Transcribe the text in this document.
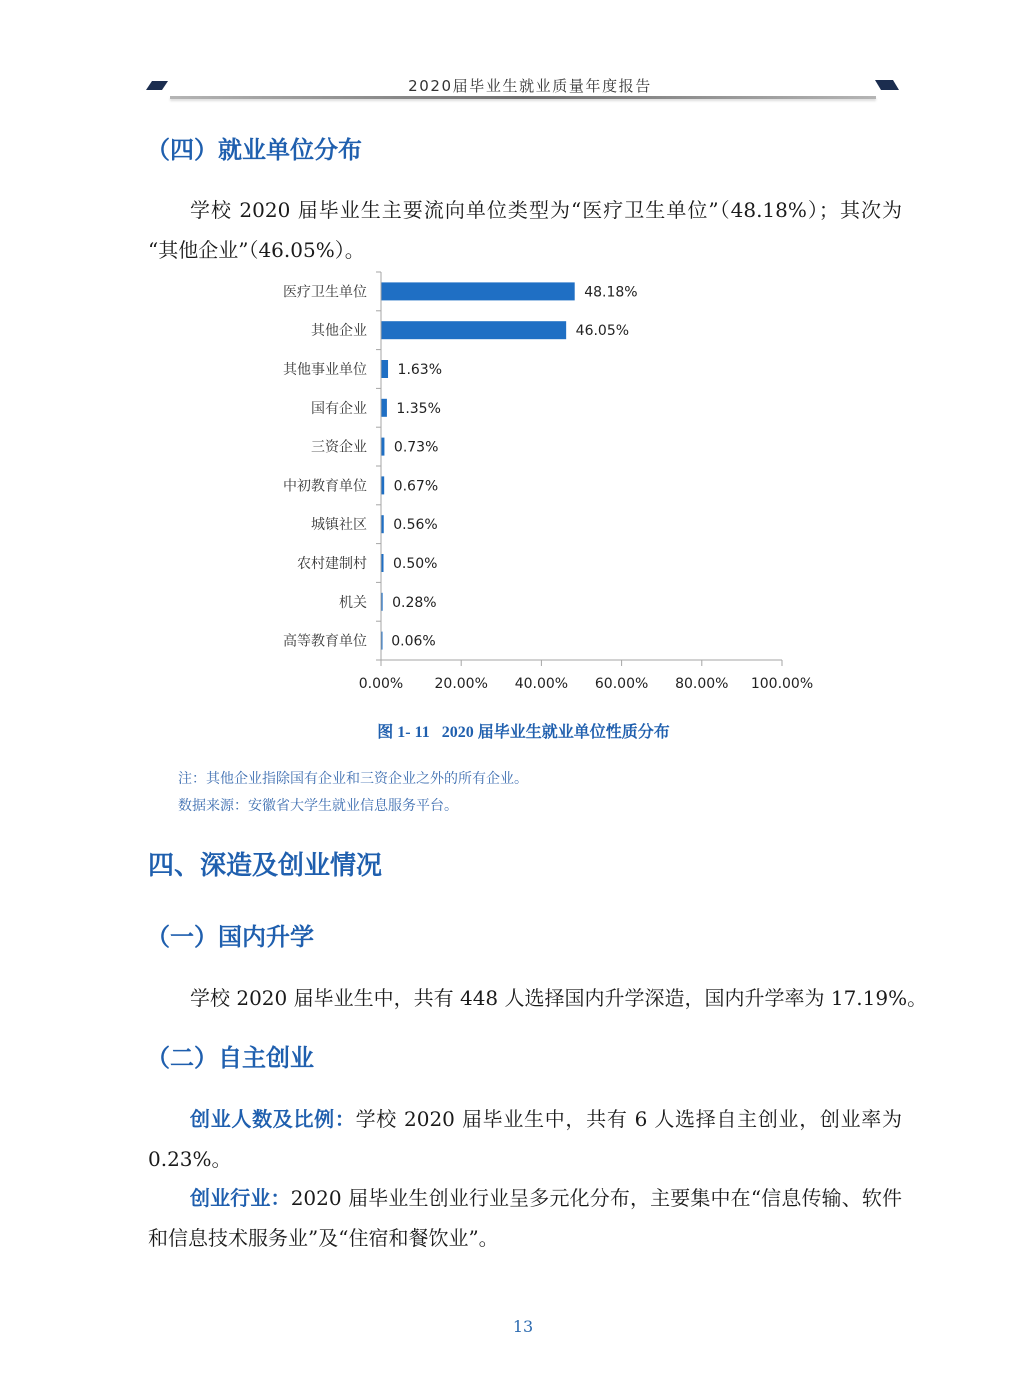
2020届毕业生就业质量年度报告
（四）就业单位分布
学校 2020 届毕业生主要流向单位类型为“医疗卫生单位”（48.18%）；其次为
“其他企业”（46.05%）。
0.00% 20.00% 40.00% 60.00% 80.00% 100.00%
48.18%
医疗卫生单位
46.05%
其他企业
1.63%
其他事业单位
1.35%
国有企业
0.73%
三资企业
0.67%
中初教育单位
0.56%
城镇社区
0.50%
农村建制村
0.28%
机关
0.06%
高等教育单位
图 1- 11   2020 届毕业生就业单位性质分布
注：其他企业指除国有企业和三资企业之外的所有企业。
数据来源：安徽省大学生就业信息服务平台。
四、深造及创业情况
（一）国内升学
学校 2020 届毕业生中，共有 448 人选择国内升学深造，国内升学率为 17.19%。
（二）自主创业
创业人数及比例：学校 2020 届毕业生中，共有 6 人选择自主创业，创业率为
0.23%。
创业行业：2020 届毕业生创业行业呈多元化分布，主要集中在“信息传输、软件
和信息技术服务业”及“住宿和餐饮业”。
13
